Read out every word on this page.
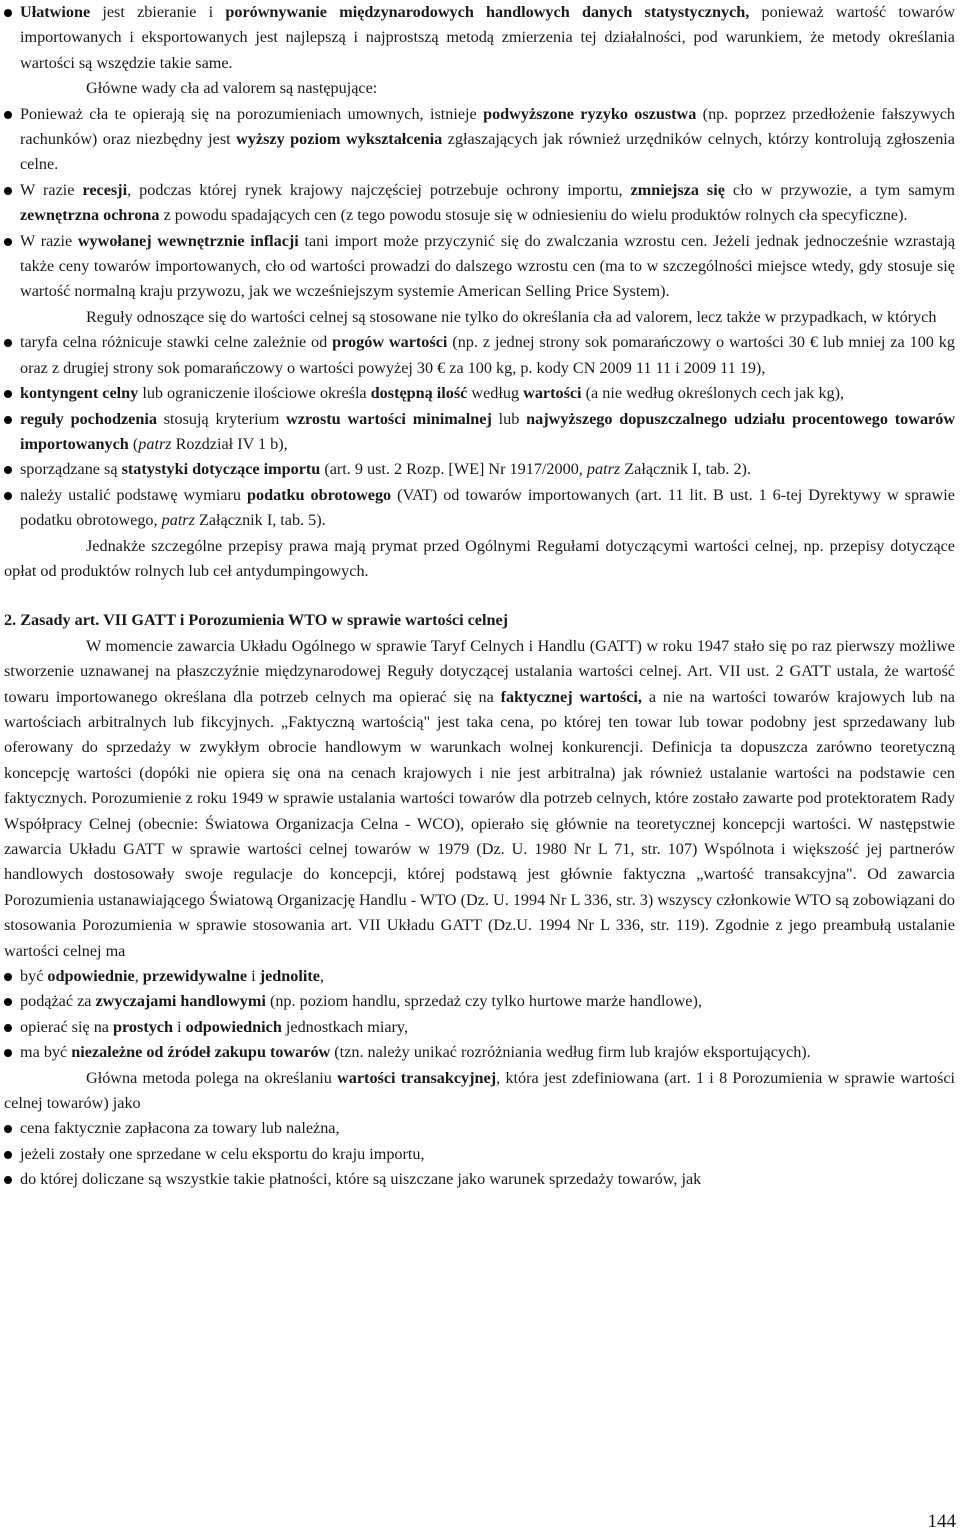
Ułatwione jest zbieranie i porównywanie międzynarodowych handlowych danych statystycznych, ponieważ wartość towarów importowanych i eksportowanych jest najlepszą i najprostszą metodą zmierzenia tej działalności, pod warunkiem, że metody określania wartości są wszędzie takie same.

Główne wady cła ad valorem są następujące:

Ponieważ cła te opierają się na porozumieniach umownych, istnieje podwyższone ryzyko oszustwa (np. poprzez przedłożenie fałszywych rachunków) oraz niezbędny jest wyższy poziom wykształcenia zgłaszających jak również urzędników celnych, którzy kontrolują zgłoszenia celne.
W razie recesji, podczas której rynek krajowy najczęściej potrzebuje ochrony importu, zmniejsza się cło w przywozie, a tym samym zewnętrzna ochrona z powodu spadających cen (z tego powodu stosuje się w odniesieniu do wielu produktów rolnych cła specyficzne).
W razie wywołanej wewnętrznie inflacji tani import może przyczynić się do zwalczania wzrostu cen. Jeżeli jednak jednocześnie wzrastają także ceny towarów importowanych, cło od wartości prowadzi do dalszego wzrostu cen (ma to w szczególności miejsce wtedy, gdy stosuje się wartość normalną kraju przywozu, jak we wcześniejszym systemie American Selling Price System).

Reguły odnoszące się do wartości celnej są stosowane nie tylko do określania cła ad valorem, lecz także w przypadkach, w których

taryfa celna różnicuje stawki celne zależnie od progów wartości (np. z jednej strony sok pomarańczowy o wartości 30 € lub mniej za 100 kg oraz z drugiej strony sok pomarańczowy o wartości powyżej 30 € za 100 kg, p. kody CN 2009 11 11 i 2009 11 19),
kontyngent celny lub ograniczenie ilościowe określa dostępną ilość według wartości (a nie według określonych cech jak kg),
reguły pochodzenia stosują kryterium wzrostu wartości minimalnej lub najwyższego dopuszczalnego udziału procentowego towarów importowanych (patrz Rozdział IV 1 b),
sporządzane są statystyki dotyczące importu (art. 9 ust. 2 Rozp. [WE] Nr 1917/2000, patrz Załącznik I, tab. 2).
należy ustalić podstawę wymiaru podatku obrotowego (VAT) od towarów importowanych (art. 11 lit. B ust. 1 6-tej Dyrektywy w sprawie podatku obrotowego, patrz Załącznik I, tab. 5).

Jednakże szczególne przepisy prawa mają prymat przed Ogólnymi Regułami dotyczącymi wartości celnej, np. przepisy dotyczące opłat od produktów rolnych lub ceł antydumpingowych.

2. Zasady art. VII GATT i Porozumienia WTO w sprawie wartości celnej

W momencie zawarcia Układu Ogólnego w sprawie Taryf Celnych i Handlu (GATT) w roku 1947 stało się po raz pierwszy możliwe stworzenie uznawanej na płaszczyźnie międzynarodowej Reguły dotyczącej ustalania wartości celnej. Art. VII ust. 2 GATT ustala, że wartość towaru importowanego określana dla potrzeb celnych ma opierać się na faktycznej wartości, a nie na wartości towarów krajowych lub na wartościach arbitralnych lub fikcyjnych. „Faktyczną wartością" jest taka cena, po której ten towar lub towar podobny jest sprzedawany lub oferowany do sprzedaży w zwykłym obrocie handlowym w warunkach wolnej konkurencji. Definicja ta dopuszcza zarówno teoretyczną koncepcję wartości (dopóki nie opiera się ona na cenach krajowych i nie jest arbitralna) jak również ustalanie wartości na podstawie cen faktycznych. Porozumienie z roku 1949 w sprawie ustalania wartości towarów dla potrzeb celnych, które zostało zawarte pod protektoratem Rady Współpracy Celnej (obecnie: Światowa Organizacja Celna - WCO), opierało się głównie na teoretycznej koncepcji wartości. W następstwie zawarcia Układu GATT w sprawie wartości celnej towarów w 1979 (Dz. U. 1980 Nr L 71, str. 107) Wspólnota i większość jej partnerów handlowych dostosowały swoje regulacje do koncepcji, której podstawą jest głównie faktyczna „wartość transakcyjna". Od zawarcia Porozumienia ustanawiającego Światową Organizację Handlu - WTO (Dz. U. 1994 Nr L 336, str. 3) wszyscy członkowie WTO są zobowiązani do stosowania Porozumienia w sprawie stosowania art. VII Układu GATT (Dz.U. 1994 Nr L 336, str. 119). Zgodnie z jego preambułą ustalanie wartości celnej ma

być odpowiednie, przewidywalne i jednolite,
podążać za zwyczajami handlowymi (np. poziom handlu, sprzedaż czy tylko hurtowe marże handlowe),
opierać się na prostych i odpowiednich jednostkach miary,
ma być niezależne od źródeł zakupu towarów (tzn. należy unikać rozróżniania według firm lub krajów eksportujących).

Główna metoda polega na określaniu wartości transakcyjnej, która jest zdefiniowana (art. 1 i 8 Porozumienia w sprawie wartości celnej towarów) jako

cena faktycznie zapłacona za towary lub należna,
jeżeli zostały one sprzedane w celu eksportu do kraju importu,
do której doliczane są wszystkie takie płatności, które są uiszczane jako warunek sprzedaży towarów, jak
144
